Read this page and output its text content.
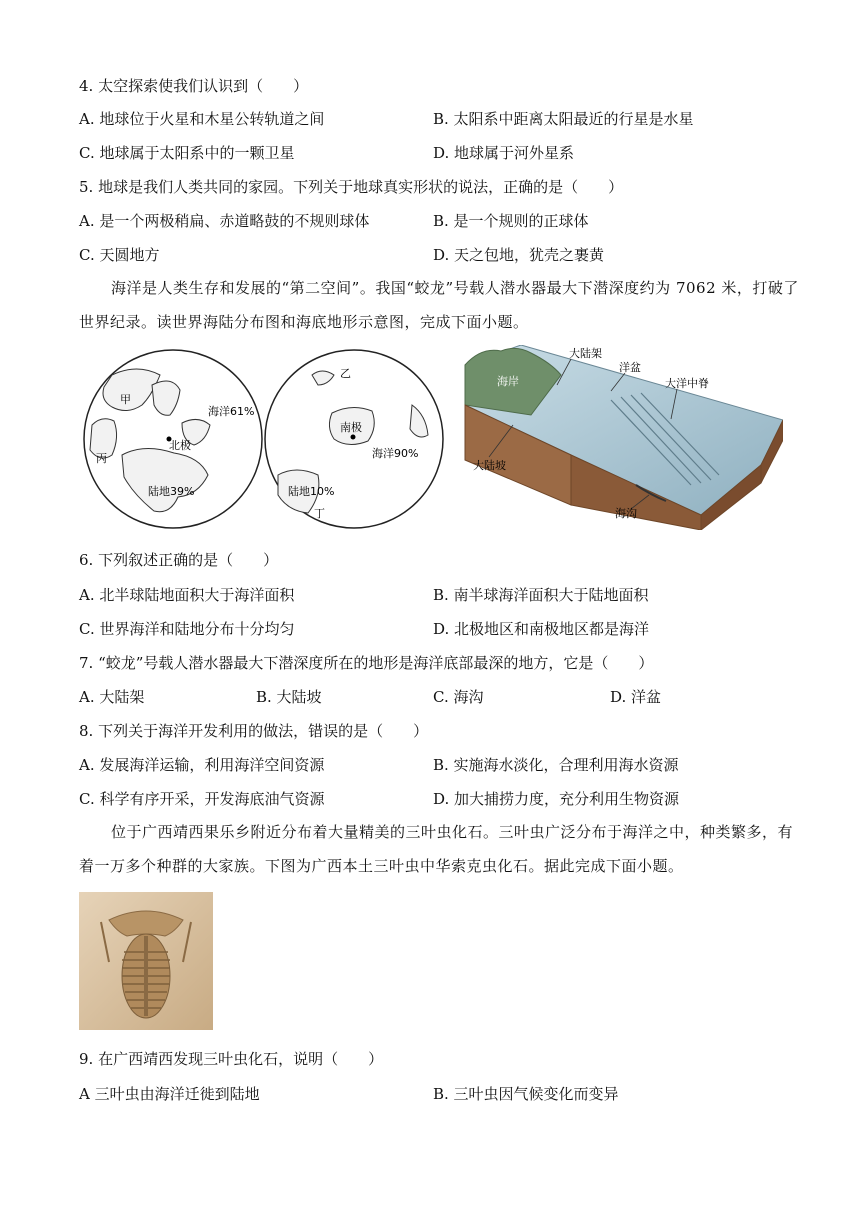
4. 太空探索使我们认识到（　　）
A. 地球位于火星和木星公转轨道之间	B. 太阳系中距离太阳最近的行星是水星
C. 地球属于太阳系中的一颗卫星	D. 地球属于河外星系
5. 地球是我们人类共同的家园。下列关于地球真实形状的说法，正确的是（　　）
A. 是一个两极稍扁、赤道略鼓的不规则球体	B. 是一个规则的正球体
C. 天圆地方	D. 天之包地，犹壳之裹黄
海洋是人类生存和发展的“第二空间”。我国“蛟龙”号载人潜水器最大下潜深度约为 7062 米，打破了世界纪录。读世界海陆分布图和海底地形示意图，完成下面小题。
甲
丙
海洋61%
北极
陆地39%
乙
南极
海洋90%
陆地10%
丁
大陆架
洋盆
大洋中脊
海岸
大陆坡
海沟
6. 下列叙述正确的是（　　）
A. 北半球陆地面积大于海洋面积	B. 南半球海洋面积大于陆地面积
C. 世界海洋和陆地分布十分均匀	D. 北极地区和南极地区都是海洋
7. “蛟龙”号载人潜水器最大下潜深度所在的地形是海洋底部最深的地方，它是（　　）
A. 大陆架	B. 大陆坡	C. 海沟	D. 洋盆
8. 下列关于海洋开发利用的做法，错误的是（　　）
A. 发展海洋运输，利用海洋空间资源	B. 实施海水淡化，合理利用海水资源
C. 科学有序开采，开发海底油气资源	D. 加大捕捞力度，充分利用生物资源
位于广西靖西果乐乡附近分布着大量精美的三叶虫化石。三叶虫广泛分布于海洋之中，种类繁多，有着一万多个种群的大家族。下图为广西本土三叶虫中华索克虫化石。据此完成下面小题。
9. 在广西靖西发现三叶虫化石，说明（　　）
A 三叶虫由海洋迁徙到陆地	B. 三叶虫因气候变化而变异
